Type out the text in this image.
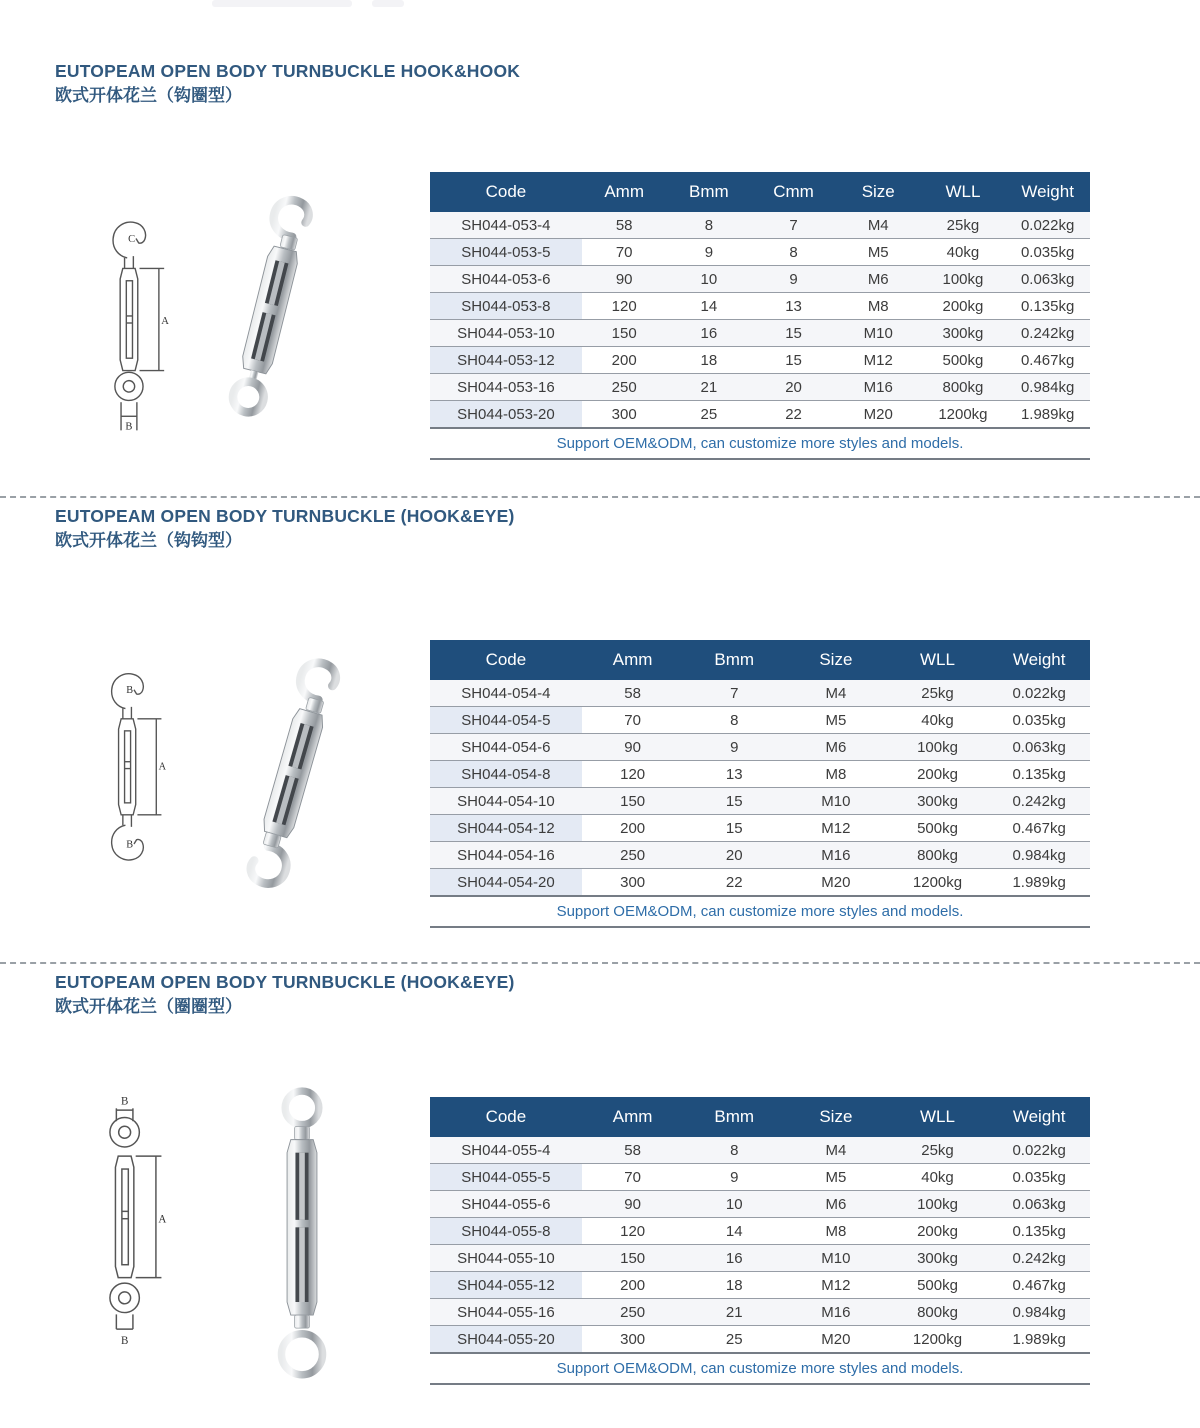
EUTOPEAM OPEN BODY TURNBUCKLE HOOK&HOOK
欧式开体花兰（钩圈型）
C
A
B
Code	Amm	Bmm	Cmm	Size	WLL	Weight
SH044-053-4	58	8	7	M4	25kg	0.022kg
SH044-053-5	70	9	8	M5	40kg	0.035kg
SH044-053-6	90	10	9	M6	100kg	0.063kg
SH044-053-8	120	14	13	M8	200kg	0.135kg
SH044-053-10	150	16	15	M10	300kg	0.242kg
SH044-053-12	200	18	15	M12	500kg	0.467kg
SH044-053-16	250	21	20	M16	800kg	0.984kg
SH044-053-20	300	25	22	M20	1200kg	1.989kg
Support OEM&ODM, can customize more styles and models.						
EUTOPEAM OPEN BODY TURNBUCKLE (HOOK&EYE)
欧式开体花兰（钩钩型）
B
A
B
Code	Amm	Bmm	Size	WLL	Weight
SH044-054-4	58	7	M4	25kg	0.022kg
SH044-054-5	70	8	M5	40kg	0.035kg
SH044-054-6	90	9	M6	100kg	0.063kg
SH044-054-8	120	13	M8	200kg	0.135kg
SH044-054-10	150	15	M10	300kg	0.242kg
SH044-054-12	200	15	M12	500kg	0.467kg
SH044-054-16	250	20	M16	800kg	0.984kg
SH044-054-20	300	22	M20	1200kg	1.989kg
Support OEM&ODM, can customize more styles and models.					
EUTOPEAM OPEN BODY TURNBUCKLE (HOOK&EYE)
欧式开体花兰（圈圈型）
B
A
B
Code	Amm	Bmm	Size	WLL	Weight
SH044-055-4	58	8	M4	25kg	0.022kg
SH044-055-5	70	9	M5	40kg	0.035kg
SH044-055-6	90	10	M6	100kg	0.063kg
SH044-055-8	120	14	M8	200kg	0.135kg
SH044-055-10	150	16	M10	300kg	0.242kg
SH044-055-12	200	18	M12	500kg	0.467kg
SH044-055-16	250	21	M16	800kg	0.984kg
SH044-055-20	300	25	M20	1200kg	1.989kg
Support OEM&ODM, can customize more styles and models.					
